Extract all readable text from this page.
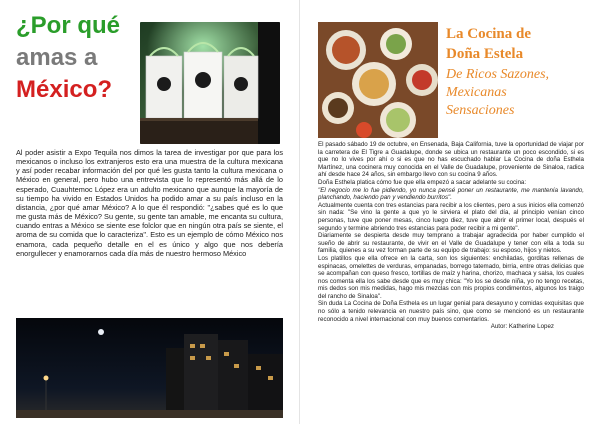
¿Por qué
amas a
México?

Al poder asistir a Expo Tequila nos dimos la tarea de investigar por que para los mexicanos o incluso los extranjeros esto era una muestra de la cultura mexicana y así poder recabar información del por qué les gusta tanto la cultura mexicana o México en general, pero hubo una entrevista que lo representó más allá de lo esperado, Cuauhtemoc López era un adulto mexicano que aunque la mayoría de su tiempo ha vivido en Estados Unidos ha podido amar a su país incluso en la distancia, ¿por qué amar México? A lo que él respondió: "¿sabes qué es lo que me gusta más de México? Su gente, su gente tan amable, me encanta su cultura, cuando entras a México se siente ese folclor que en ningún otra país se siente, el aroma de su comida que lo caracteriza". Esto es un ejemplo de cómo México nos enamora, cada pequeño detalle en el es único y algo que nos debería enorgullecer y enamorarnos cada día más de nuestro hermoso México

La Cocina de
Doña Estela
De Ricos Sazones,
Mexicanas
Sensaciones

El pasado sábado 19 de octubre, en Ensenada, Baja California, tuve la oportunidad de viajar por la carretera de El Tigre a Guadalupe, donde se ubica un restaurante un poco escondido, si es que no lo vives por ahí o si es que no has escuchado hablar La Cocina de doña Esthela Martínez, una cocinera muy conocida en el Valle de Guadalupe, proveniente de Sinaloa, radica ahí desde hace 24 años, sin embargo llevo con su cocina 9 años.

Doña Esthela platica cómo fue que ella empezó a sacar adelante su cocina:

"El negocio me lo fue pidiendo, yo nunca pensé poner un restaurante, me mantenía lavando, planchando, haciendo pan y vendiendo burritos".

Actualmente cuenta con tres estancias para recibir a los clientes, pero a sus inicios ella comenzó sin nada: "Se vino la gente a que yo le sirviera el plato del día, al principio venían cinco personas, tuve que poner mesas, cinco luego diez, tuve que abrir el primer local, después el segundo y termine abriendo tres estancias para poder recibir a mi gente".

Diariamente se despierta desde muy temprano a trabajar agradecida por haber cumplido el sueño de abrir su restaurante, de vivir en el Valle de Guadalupe y tener con ella a toda su familia, quienes a su vez forman parte de su equipo de trabajo: su esposo, hijos y nietos.

Los platillos que ella ofrece en la carta, son los siguientes: enchiladas, gorditas rellenas de espinacas, omelettes de verduras, empanadas, borrego tatemado, birria, entre otras delicias que se acompañan con queso fresco, tortillas de maíz y harina, chorizo, machaca y salsa, los cuales nos comenta ella los sabe desde que es muy chica: "Yo los se desde niña, yo no tengo recetas, mis dedos son mis medidas, hago mis mezclas con mis propios condimentos, algunos los traigo del rancho de Sinaloa".

Sin duda La Cocina de Doña Esthela es un lugar genial para desayuno y comidas exquisitas que no sólo a tenido relevancia en nuestro país sino, que como se mencionó es un restaurante reconocido a nivel internacional con muy buenos comentarios.

Autor: Katherine Lopez
